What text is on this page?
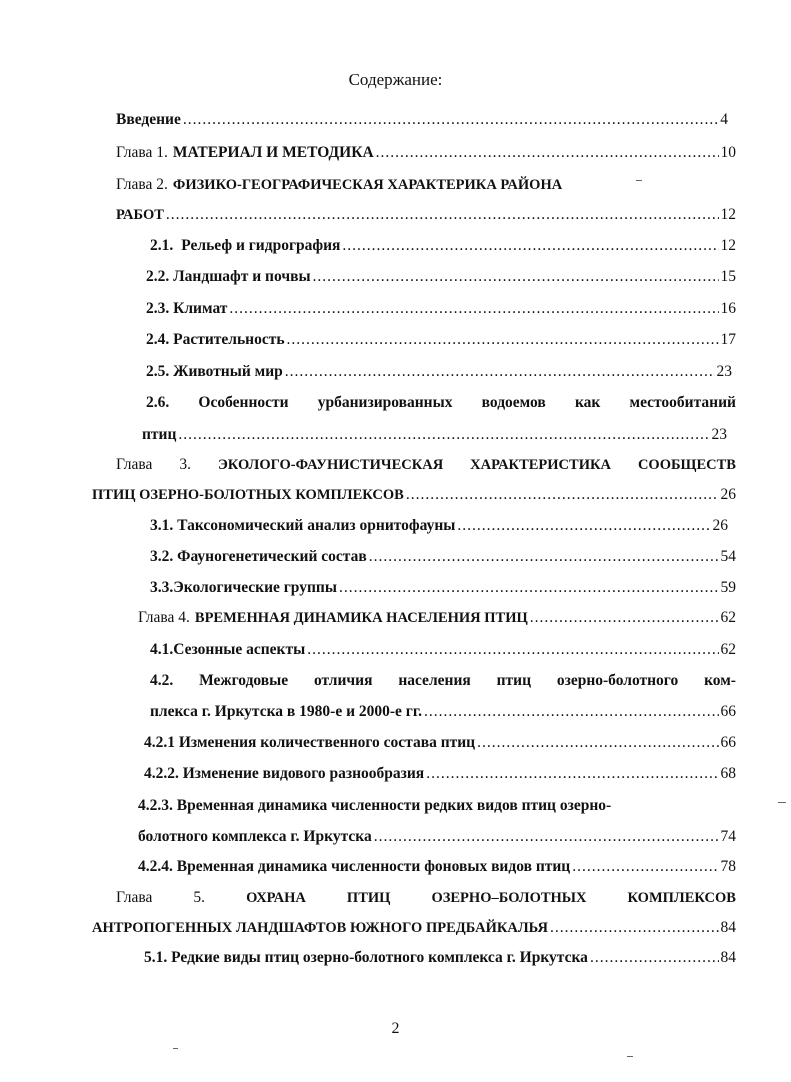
Содержание:
Введение .....	4
Глава 1. МАТЕРИАЛ И МЕТОДИКА .....	10
Глава 2. ФИЗИКО-ГЕОГРАФИЧЕСКАЯ ХАРАКТЕРИКА РАЙОНА
РАБОТ .....	12
2.1. Рельеф и гидрография .....	12
2.2. Ландшафт и почвы .....	15
2.3. Климат .....	16
2.4. Растительность .....	17
2.5. Животный мир .....	23
2.6. Особенности урбанизированных водоемов как местообитаний
птиц .....	23
Глава 3. ЭКОЛОГО-ФАУНИСТИЧЕСКАЯ ХАРАКТЕРИСТИКА СООБЩЕСТВ
ПТИЦ ОЗЕРНО-БОЛОТНЫХ КОМПЛЕКСОВ .....	26
3.1. Таксономический анализ орнитофауны .....	26
3.2. Фауногенетический состав .....	54
3.3.Экологические группы .....	59
Глава 4. ВРЕМЕННАЯ ДИНАМИКА НАСЕЛЕНИЯ ПТИЦ .....	62
4.1.Сезонные аспекты .....	62
4.2. Межгодовые отличия населения птиц озерно-болотного ком-
плекса г. Иркутска в 1980-е и 2000-е гг. .....	66
4.2.1 Изменения количественного состава птиц .....	66
4.2.2. Изменение видового разнообразия .....	68
4.2.3. Временная динамика численности редких видов птиц озерно-
болотного комплекса г. Иркутска .....	74
4.2.4. Временная динамика численности фоновых видов птиц .....	78
Глава	5.	ОХРАНА	ПТИЦ	ОЗЕРНО–БОЛОТНЫХ	КОМПЛЕКСОВ
АНТРОПОГЕННЫХ ЛАНДШАФТОВ ЮЖНОГО ПРЕДБАЙКАЛЬЯ .....	84
5.1. Редкие виды птиц озерно-болотного комплекса г. Иркутска .....	84
2
